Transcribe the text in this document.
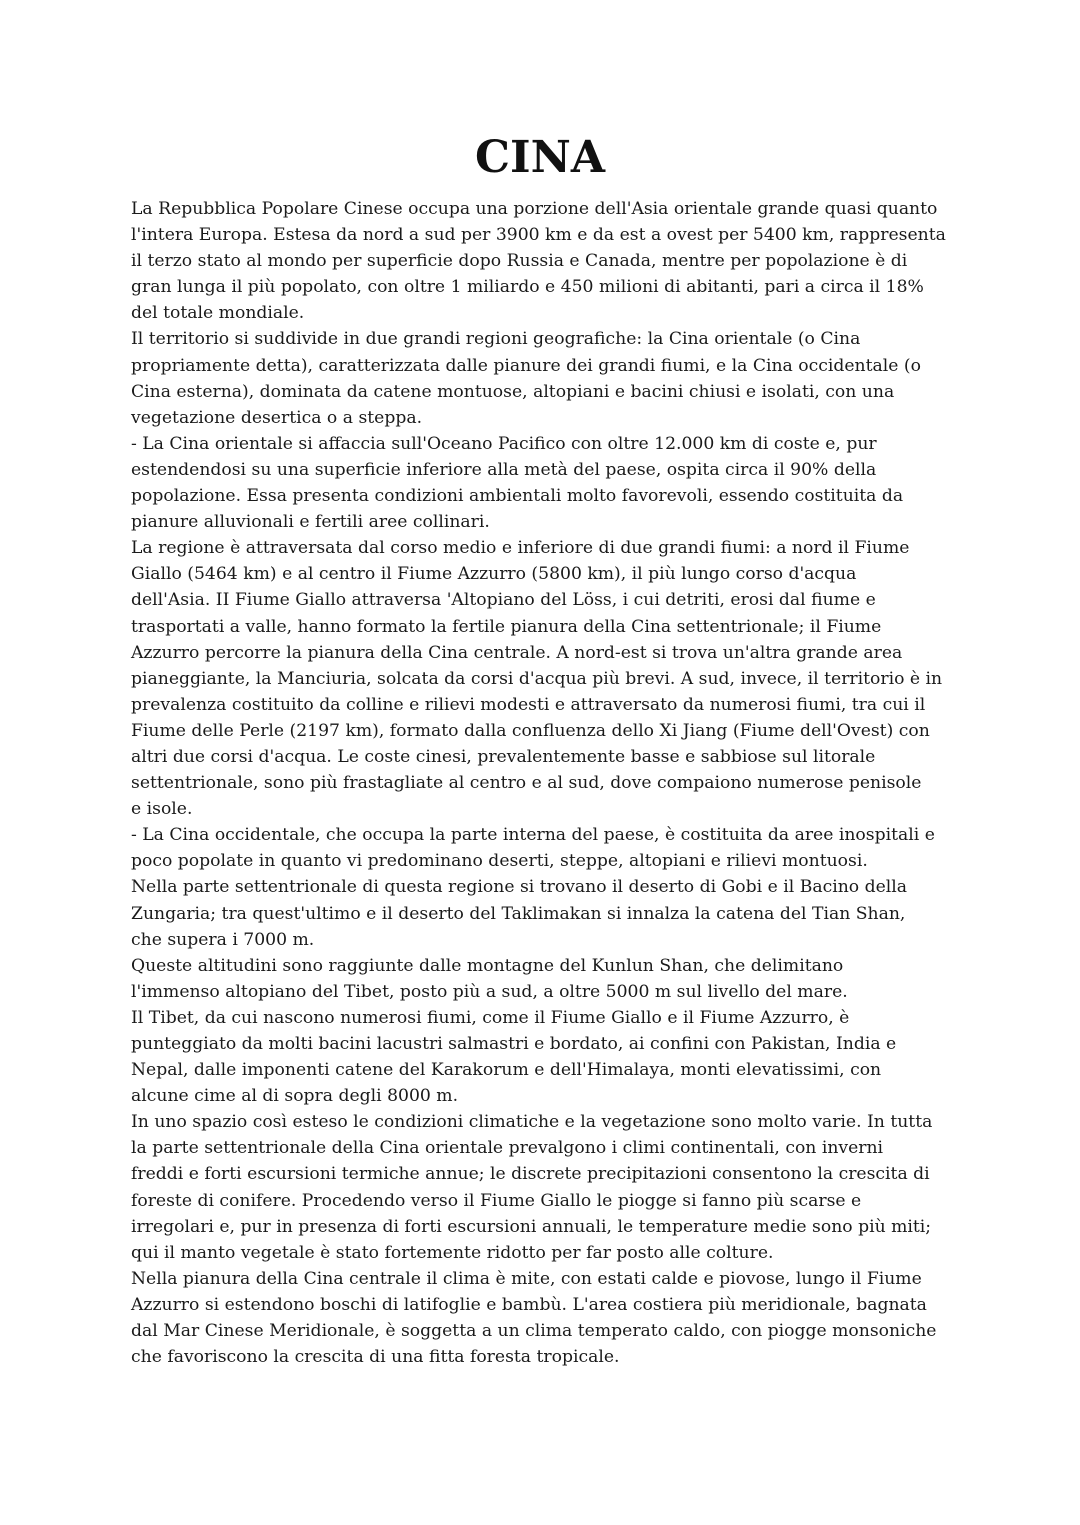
CINA
La Repubblica Popolare Cinese occupa una porzione dell'Asia orientale grande quasi quanto
l'intera Europa. Estesa da nord a sud per 3900 km e da est a ovest per 5400 km, rappresenta
il terzo stato al mondo per superficie dopo Russia e Canada, mentre per popolazione è di
gran lunga il più popolato, con oltre 1 miliardo e 450 milioni di abitanti, pari a circa il 18%
del totale mondiale.
Il territorio si suddivide in due grandi regioni geografiche: la Cina orientale (o Cina
propriamente detta), caratterizzata dalle pianure dei grandi fiumi, e la Cina occidentale (o
Cina esterna), dominata da catene montuose, altopiani e bacini chiusi e isolati, con una
vegetazione desertica o a steppa.
- La Cina orientale si affaccia sull'Oceano Pacifico con oltre 12.000 km di coste e, pur
estendendosi su una superficie inferiore alla metà del paese, ospita circa il 90% della
popolazione. Essa presenta condizioni ambientali molto favorevoli, essendo costituita da
pianure alluvionali e fertili aree collinari.
La regione è attraversata dal corso medio e inferiore di due grandi fiumi: a nord il Fiume
Giallo (5464 km) e al centro il Fiume Azzurro (5800 km), il più lungo corso d'acqua
dell'Asia. II Fiume Giallo attraversa 'Altopiano del Löss, i cui detriti, erosi dal fiume e
trasportati a valle, hanno formato la fertile pianura della Cina settentrionale; il Fiume
Azzurro percorre la pianura della Cina centrale. A nord-est si trova un'altra grande area
pianeggiante, la Manciuria, solcata da corsi d'acqua più brevi. A sud, invece, il territorio è in
prevalenza costituito da colline e rilievi modesti e attraversato da numerosi fiumi, tra cui il
Fiume delle Perle (2197 km), formato dalla confluenza dello Xi Jiang (Fiume dell'Ovest) con
altri due corsi d'acqua. Le coste cinesi, prevalentemente basse e sabbiose sul litorale
settentrionale, sono più frastagliate al centro e al sud, dove compaiono numerose penisole
e isole.
- La Cina occidentale, che occupa la parte interna del paese, è costituita da aree inospitali e
poco popolate in quanto vi predominano deserti, steppe, altopiani e rilievi montuosi.
Nella parte settentrionale di questa regione si trovano il deserto di Gobi e il Bacino della
Zungaria; tra quest'ultimo e il deserto del Taklimakan si innalza la catena del Tian Shan,
che supera i 7000 m.
Queste altitudini sono raggiunte dalle montagne del Kunlun Shan, che delimitano
l'immenso altopiano del Tibet, posto più a sud, a oltre 5000 m sul livello del mare.
Il Tibet, da cui nascono numerosi fiumi, come il Fiume Giallo e il Fiume Azzurro, è
punteggiato da molti bacini lacustri salmastri e bordato, ai confini con Pakistan, India e
Nepal, dalle imponenti catene del Karakorum e dell'Himalaya, monti elevatissimi, con
alcune cime al di sopra degli 8000 m.
In uno spazio così esteso le condizioni climatiche e la vegetazione sono molto varie. In tutta
la parte settentrionale della Cina orientale prevalgono i climi continentali, con inverni
freddi e forti escursioni termiche annue; le discrete precipitazioni consentono la crescita di
foreste di conifere. Procedendo verso il Fiume Giallo le piogge si fanno più scarse e
irregolari e, pur in presenza di forti escursioni annuali, le temperature medie sono più miti;
qui il manto vegetale è stato fortemente ridotto per far posto alle colture.
Nella pianura della Cina centrale il clima è mite, con estati calde e piovose, lungo il Fiume
Azzurro si estendono boschi di latifoglie e bambù. L'area costiera più meridionale, bagnata
dal Mar Cinese Meridionale, è soggetta a un clima temperato caldo, con piogge monsoniche
che favoriscono la crescita di una fitta foresta tropicale.
